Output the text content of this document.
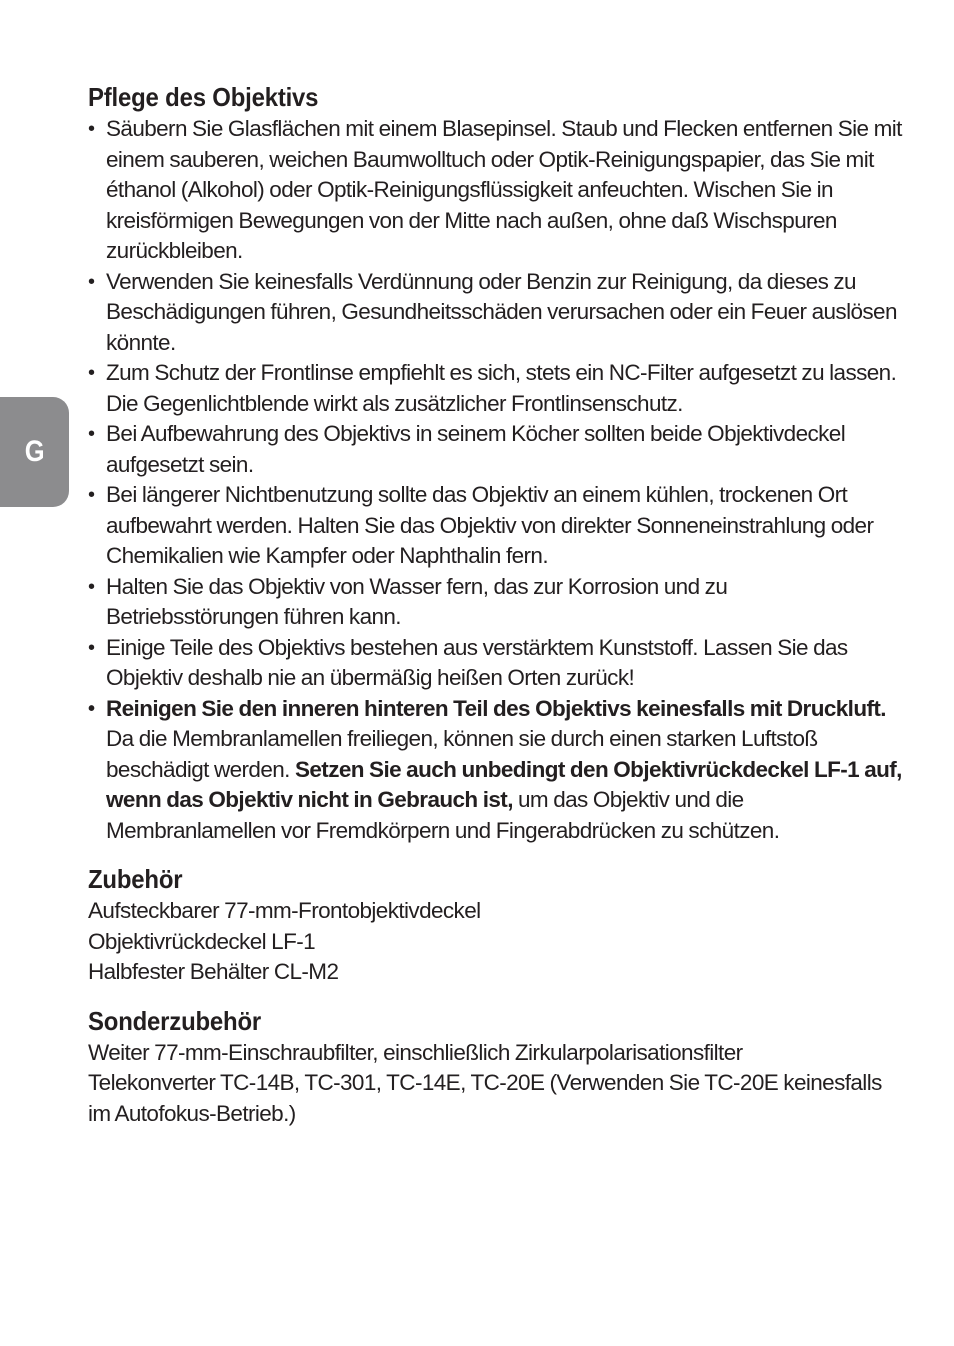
G
Pflege des Objektivs
• Säubern Sie Glasflächen mit einem Blasepinsel. Staub und Flecken entfernen Sie mit einem sauberen, weichen Baumwolltuch oder Optik-Reinigungspapier, das Sie mit éthanol (Alkohol) oder Optik-Reinigungsflüssigkeit anfeuchten. Wischen Sie in kreisförmigen Bewegungen von der Mitte nach außen, ohne daß Wischspuren zurückbleiben.
• Verwenden Sie keinesfalls Verdünnung oder Benzin zur Reinigung, da dieses zu Beschädigungen führen, Gesundheitsschäden verursachen oder ein Feuer auslösen könnte.
• Zum Schutz der Frontlinse empfiehlt es sich, stets ein NC-Filter aufgesetzt zu lassen. Die Gegenlichtblende wirkt als zusätzlicher Frontlinsenschutz.
• Bei Aufbewahrung des Objektivs in seinem Köcher sollten beide Objektivdeckel aufgesetzt sein.
• Bei längerer Nichtbenutzung sollte das Objektiv an einem kühlen, trockenen Ort aufbewahrt werden. Halten Sie das Objektiv von direkter Sonneneinstrahlung oder Chemikalien wie Kampfer oder Naphthalin fern.
• Halten Sie das Objektiv von Wasser fern, das zur Korrosion und zu Betriebsstörungen führen kann.
• Einige Teile des Objektivs bestehen aus verstärktem Kunststoff. Lassen Sie das Objektiv deshalb nie an übermäßig heißen Orten zurück!
• Reinigen Sie den inneren hinteren Teil des Objektivs keinesfalls mit Druckluft. Da die Membranlamellen freiliegen, können sie durch einen starken Luftstoß beschädigt werden. Setzen Sie auch unbedingt den Objektivrückdeckel LF-1 auf, wenn das Objektiv nicht in Gebrauch ist, um das Objektiv und die Membranlamellen vor Fremdkörpern und Fingerabdrücken zu schützen.
Zubehör
Aufsteckbarer 77-mm-Frontobjektivdeckel
Objektivrückdeckel LF-1
Halbfester Behälter CL-M2
Sonderzubehör
Weiter 77-mm-Einschraubfilter, einschließlich Zirkularpolarisationsfilter
Telekonverter TC-14B, TC-301, TC-14E, TC-20E (Verwenden Sie TC-20E keinesfalls im Autofokus-Betrieb.)
